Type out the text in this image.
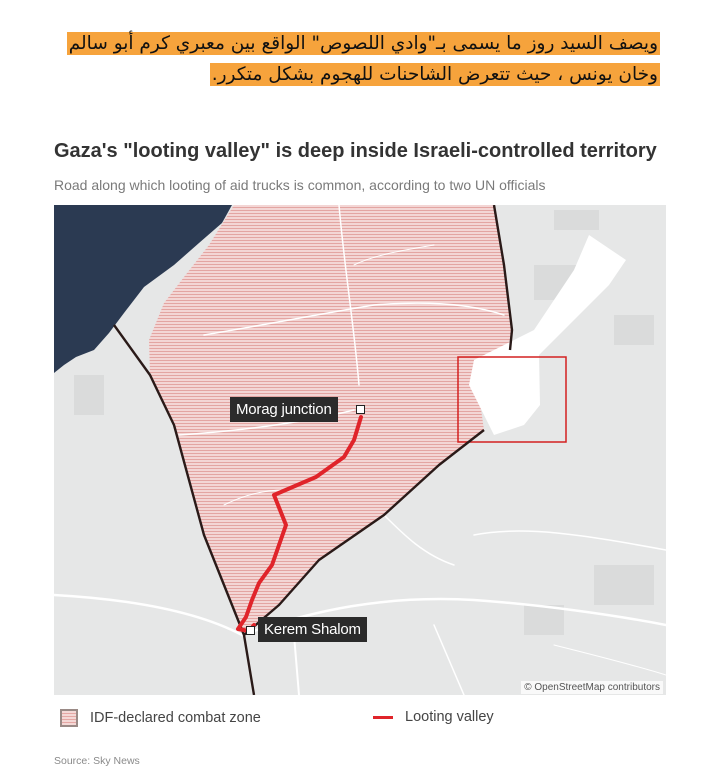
ويصف السيد روز ما يسمى بـ"وادي اللصوص" الواقع بين معبري كرم أبو سالم وخان يونس ، حيث تتعرض الشاحنات للهجوم بشكل متكرر.
Gaza's "looting valley" is deep inside Israeli-controlled territory
Road along which looting of aid trucks is common, according to two UN officials
Morag junction
Kerem Shalom
© OpenStreetMap contributors
IDF-declared combat zone	Looting valley
Source: Sky News
